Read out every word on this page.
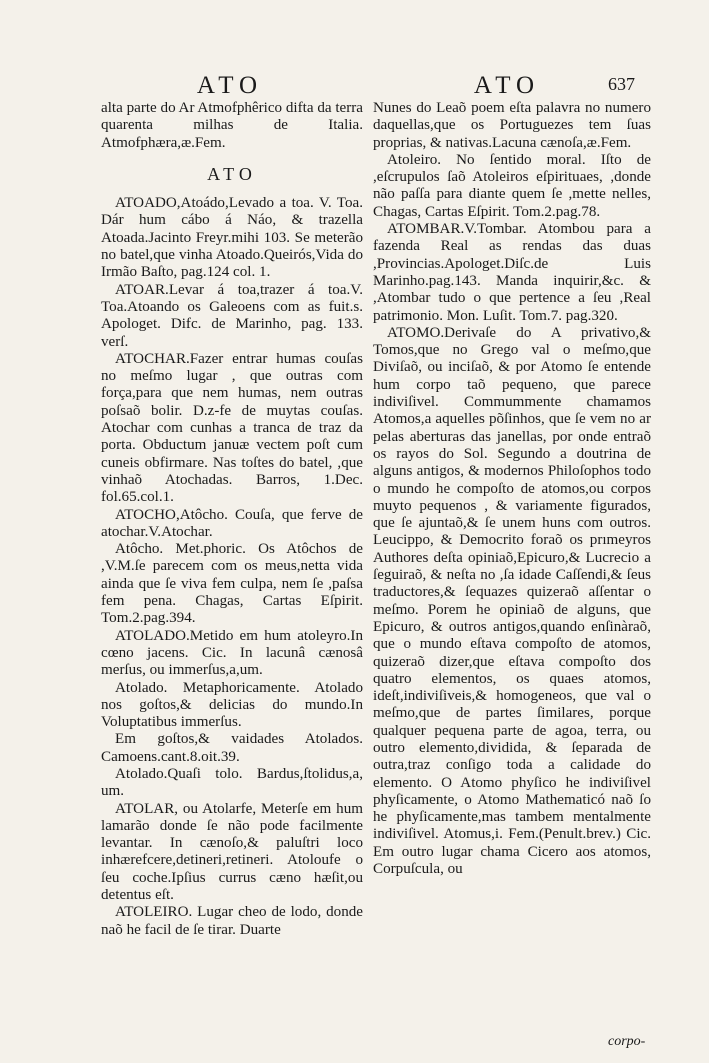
ATO	ATO	637

alta parte do Ar Atmofphêrico difta da terra quarenta milhas de Italia. Atmofphæra,æ.Fem.

ATO

ATOADO,Atoádo,Levado a toa. V. Toa. Dár hum cábo á Náo, & trazella Atoada.Jacinto Freyr.mihi 103. Se meterão no batel,que vinha Atoado.Queirós,Vida do Irmão Baſto, pag.124 col. 1.

ATOAR.Levar á toa,trazer á toa.V. Toa.Atoando os Galeoens com as fuit.s. Apologet. Difc. de Marinho, pag. 133. verſ.

ATOCHAR.Fazer entrar humas couſas no meſmo lugar , que outras com força,para que nem humas, nem outras poſsaõ bolir. D.z-fe de muytas couſas. Atochar com cunhas a tranca de traz da porta. Obductum januæ vectem poſt cum cuneis obfirmare. Nas toſtes do batel, ,que vinhaõ Atochadas. Barros, 1.Dec. fol.65.col.1.

ATOCHO,Atôcho. Couſa, que ferve de atochar.V.Atochar.

Atôcho. Met.phoric. Os Atôchos de ,V.M.ſe parecem com os meus,netta vida ainda que ſe viva fem culpa, nem ſe ,paſsa fem pena. Chagas, Cartas Eſpirit. Tom.2.pag.394.

ATOLADO.Metido em hum atoleyro.In cœno jacens. Cic. In lacunâ cænosâ merſus, ou immerſus,a,um.

Atolado. Metaphoricamente. Atolado nos goſtos,& delicias do mundo.In Voluptatibus immerſus.

Em goſtos,& vaidades Atolados. Camoens.cant.8.oit.39.

Atolado.Quaſi tolo. Bardus,ſtolidus,a, um.

ATOLAR, ou Atolarfe, Meterſe em hum lamarão donde ſe não pode facilmente levantar. In cænoſo,& paluſtri loco inhærefcere,detineri,retineri. Atoloufe o ſeu coche.Ipſius currus cæno hæſit,ou detentus eſt.

ATOLEIRO. Lugar cheo de lodo, donde naõ he facil de ſe tirar. Duarte

Nunes do Leaõ poem eſta palavra no numero daquellas,que os Portuguezes tem ſuas proprias, & nativas.Lacuna cænoſa,æ.Fem.

Atoleiro. No ſentido moral. Iſto de ,eſcrupulos ſaõ Atoleiros eſpirituaes, ,donde não paſſa para diante quem ſe ,mette nelles, Chagas, Cartas Eſpirit. Tom.2.pag.78.

ATOMBAR.V.Tombar. Atombou para a fazenda Real as rendas das duas ,Provincias.Apologet.Diſc.de Luis Marinho.pag.143. Manda inquirir,&c. & ,Atombar tudo o que pertence a ſeu ,Real patrimonio. Mon. Luſit. Tom.7. pag.320.

ATOMO.Derivaſe do A privativo,& Tomos,que no Grego val o meſmo,que Diviſaõ, ou inciſaõ, & por Atomo ſe entende hum corpo taõ pequeno, que parece indiviſivel. Commummente chamamos Atomos,a aquelles põſinhos, que ſe vem no ar pelas aberturas das janellas, por onde entraõ os rayos do Sol. Segundo a doutrina de alguns antigos, & modernos Philoſophos todo o mundo he compoſto de atomos,ou corpos muyto pequenos , & variamente figurados, que ſe ajuntaõ,& ſe unem huns com outros. Leucippo, & Democrito foraõ os prımeyros Authores deſta opiniaõ,Epicuro,& Lucrecio a ſeguiraõ, & neſta no ,ſa idade Caſſendi,& ſeus traductores,& ſequazes quizeraõ aſſentar o meſmo. Porem he opiniaõ de alguns, que Epicuro, & outros antigos,quando enſinàraõ, que o mundo eſtava compoſto de atomos, quizeraõ dizer,que eſtava compoſto dos quatro elementos, os quaes atomos, ideſt,indiviſiveis,& homogeneos, que val o meſmo,que de partes ſimilares, porque qualquer pequena parte de agoa, terra, ou outro elemento,dividida, & ſeparada de outra,traz conſigo toda a calidade do elemento. O Atomo phyſico he indiviſivel phyſicamente, o Atomo Mathematicó naõ ſo he phyſicamente,mas tambem mentalmente indiviſivel. Atomus,i. Fem.(Penult.brev.) Cic. Em outro lugar chama Cicero aos atomos, Corpuſcula, ou

corpo-
